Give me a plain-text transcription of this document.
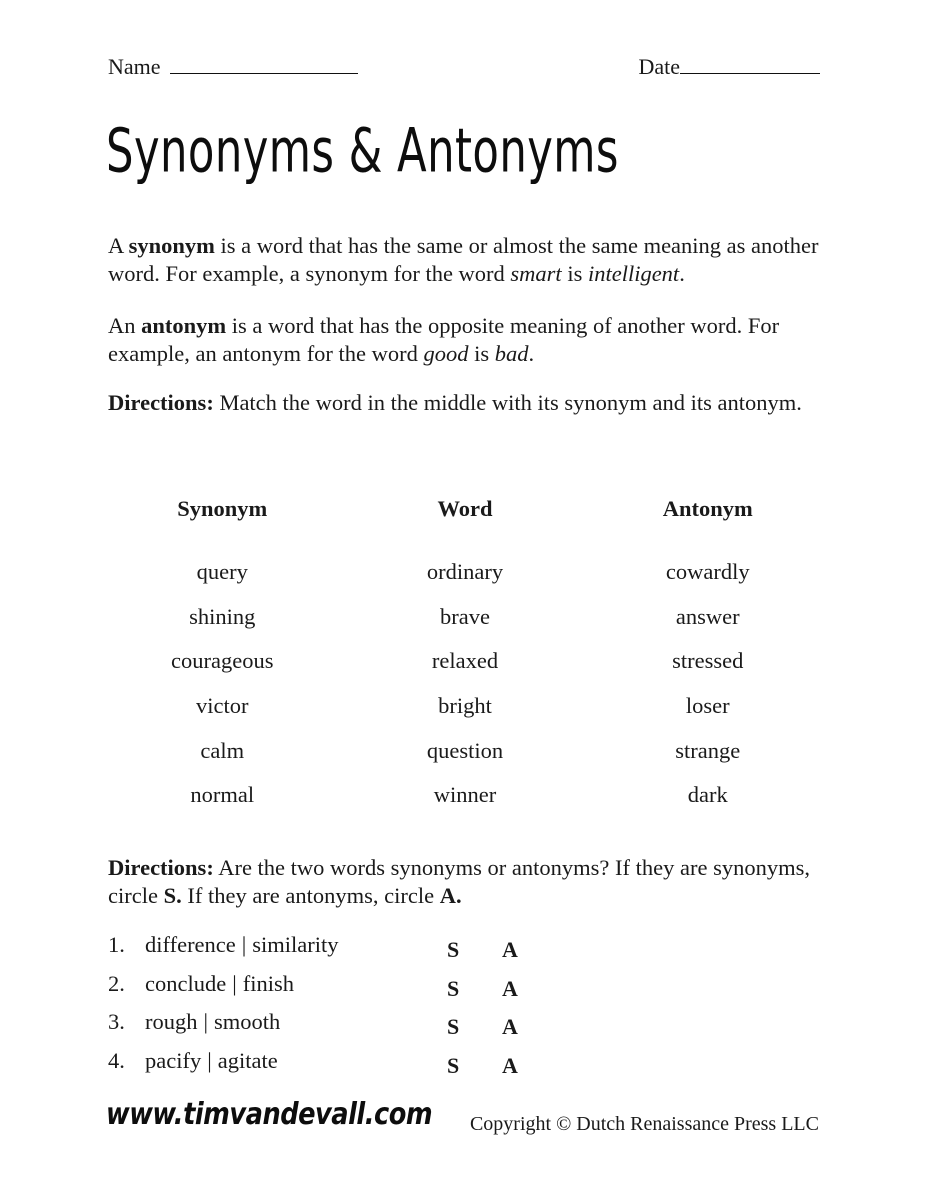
Name	Date
Synonyms & Antonyms

A synonym is a word that has the same or almost the same meaning as another word. For example, a synonym for the word smart is intelligent.

An antonym is a word that has the opposite meaning of another word. For example, an antonym for the word good is bad.

Directions: Match the word in the middle with its synonym and its antonym.
Synonym	Word	Antonym
query	ordinary	cowardly
shining	brave	answer
courageous	relaxed	stressed
victor	bright	loser
calm	question	strange
normal	winner	dark
Directions: Are the two words synonyms or antonyms? If they are synonyms, circle S. If they are antonyms, circle A.
1. difference | similarity	S A
2. conclude | finish	S A
3. rough | smooth	S A
4. pacify | agitate	S A
www.timvandevall.com Copyright © Dutch Renaissance Press LLC
